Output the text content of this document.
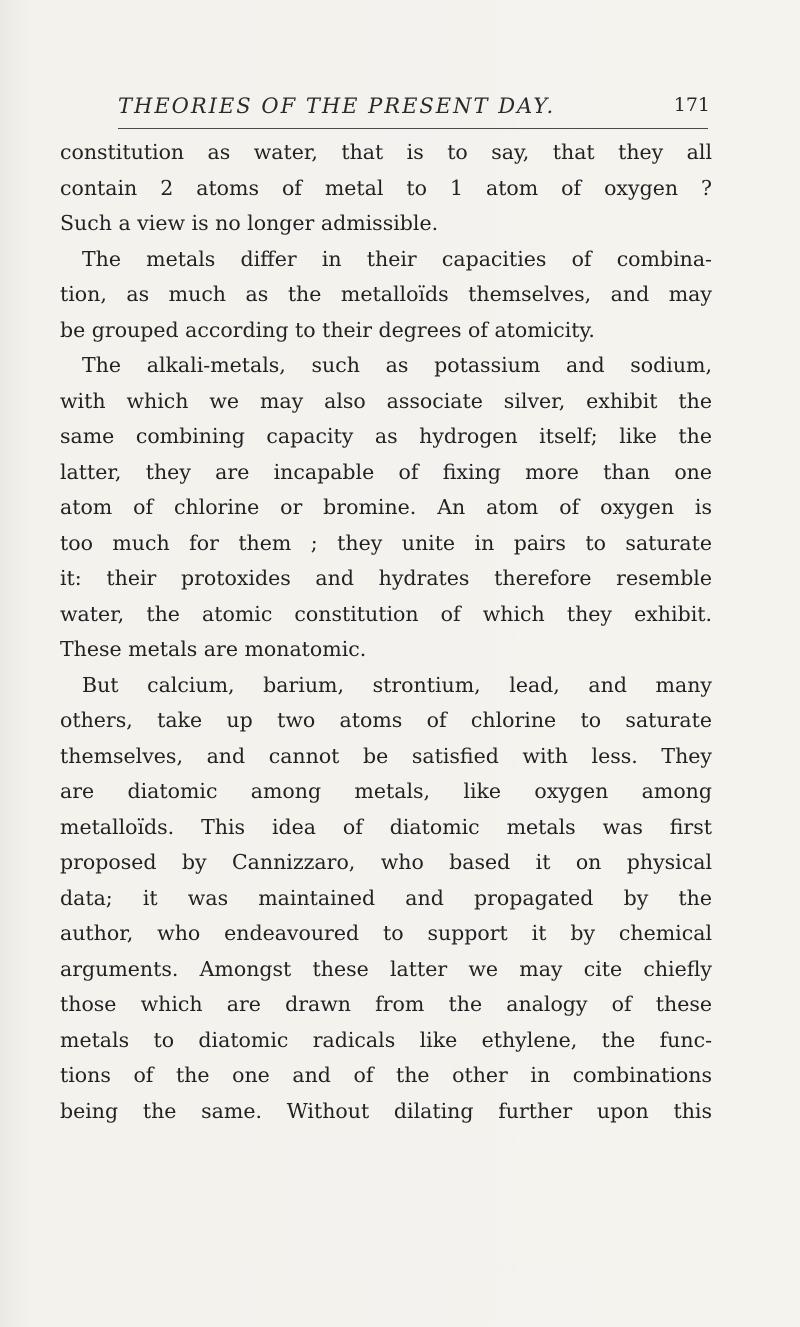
THEORIES OF THE PRESENT DAY.	171
constitution as water, that is to say, that they all
contain 2 atoms of metal to 1 atom of oxygen ?
Such a view is no longer admissible.
The metals differ in their capacities of combina-
tion, as much as the metalloïds themselves, and may
be grouped according to their degrees of atomicity.
The alkali-metals, such as potassium and sodium,
with which we may also associate silver, exhibit the
same combining capacity as hydrogen itself; like the
latter, they are incapable of fixing more than one
atom of chlorine or bromine. An atom of oxygen is
too much for them ; they unite in pairs to saturate
it: their protoxides and hydrates therefore resemble
water, the atomic constitution of which they exhibit.
These metals are monatomic.
But calcium, barium, strontium, lead, and many
others, take up two atoms of chlorine to saturate
themselves, and cannot be satisfied with less. They
are diatomic among metals, like oxygen among
metalloïds. This idea of diatomic metals was first
proposed by Cannizzaro, who based it on physical
data; it was maintained and propagated by the
author, who endeavoured to support it by chemical
arguments. Amongst these latter we may cite chiefly
those which are drawn from the analogy of these
metals to diatomic radicals like ethylene, the func-
tions of the one and of the other in combinations
being the same. Without dilating further upon this
